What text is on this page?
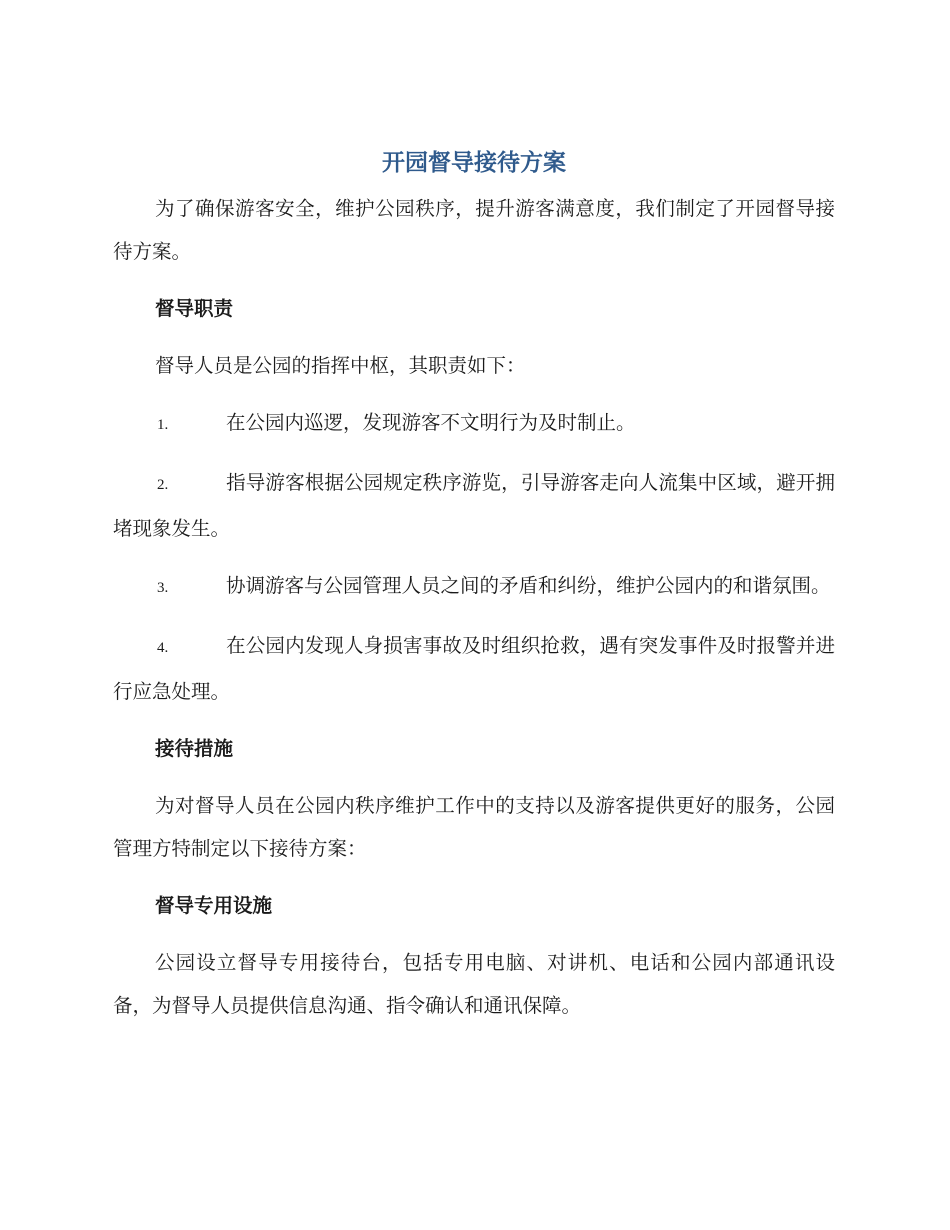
开园督导接待方案

为了确保游客安全，维护公园秩序，提升游客满意度，我们制定了开园督导接待方案。

督导职责

督导人员是公园的指挥中枢，其职责如下：

1.	在公园内巡逻，发现游客不文明行为及时制止。

2.	指导游客根据公园规定秩序游览，引导游客走向人流集中区域，避开拥堵现象发生。

3.	协调游客与公园管理人员之间的矛盾和纠纷，维护公园内的和谐氛围。

4.	在公园内发现人身损害事故及时组织抢救，遇有突发事件及时报警并进行应急处理。

接待措施

为对督导人员在公园内秩序维护工作中的支持以及游客提供更好的服务，公园管理方特制定以下接待方案：

督导专用设施

公园设立督导专用接待台，包括专用电脑、对讲机、电话和公园内部通讯设备，为督导人员提供信息沟通、指令确认和通讯保障。
